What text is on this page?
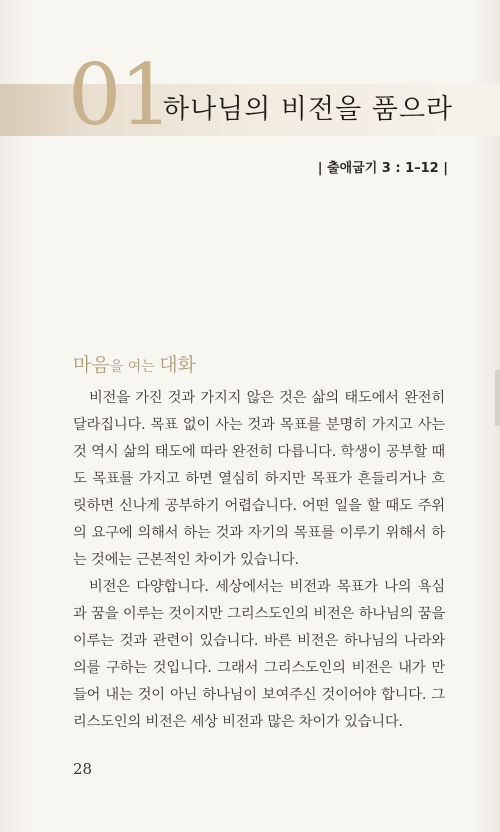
01
하나님의 비전을 품으라
| 출애굽기 3 : 1–12 |
마음을 여는 대화

비전을 가진 것과 가지지 않은 것은 삶의 태도에서 완전히 달라집니다. 목표 없이 사는 것과 목표를 분명히 가지고 사는 것 역시 삶의 태도에 따라 완전히 다릅니다. 학생이 공부할 때도 목표를 가지고 하면 열심히 하지만 목표가 흔들리거나 흐릿하면 신나게 공부하기 어렵습니다. 어떤 일을 할 때도 주위의 요구에 의해서 하는 것과 자기의 목표를 이루기 위해서 하는 것에는 근본적인 차이가 있습니다.

비전은 다양합니다. 세상에서는 비전과 목표가 나의 욕심과 꿈을 이루는 것이지만 그리스도인의 비전은 하나님의 꿈을 이루는 것과 관련이 있습니다. 바른 비전은 하나님의 나라와 의를 구하는 것입니다. 그래서 그리스도인의 비전은 내가 만들어 내는 것이 아닌 하나님이 보여주신 것이어야 합니다. 그리스도인의 비전은 세상 비전과 많은 차이가 있습니다.

28
